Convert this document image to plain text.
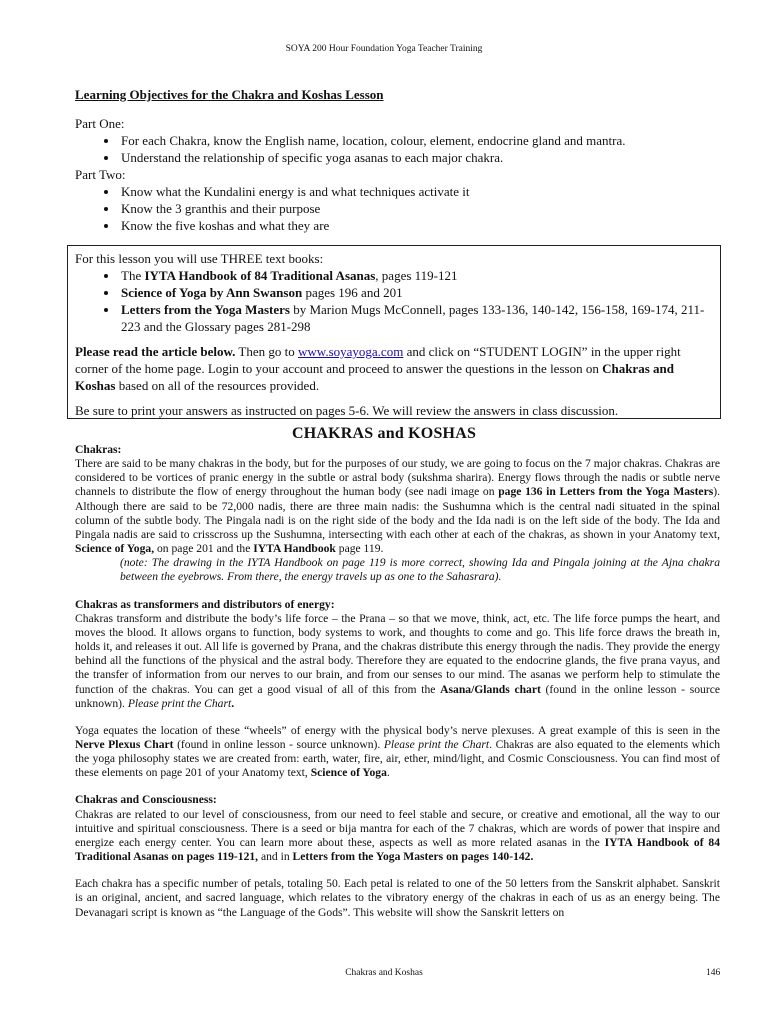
SOYA 200 Hour Foundation Yoga Teacher Training
Learning Objectives for the Chakra and Koshas Lesson
Part One:
• For each Chakra, know the English name, location, colour, element, endocrine gland and mantra.
• Understand the relationship of specific yoga asanas to each major chakra.
Part Two:
• Know what the Kundalini energy is and what techniques activate it
• Know the 3 granthis and their purpose
• Know the five koshas and what they are

For this lesson you will use THREE text books:

• The IYTA Handbook of 84 Traditional Asanas, pages 119-121
• Science of Yoga by Ann Swanson pages 196 and 201
• Letters from the Yoga Masters by Marion Mugs McConnell, pages 133-136, 140-142, 156-158, 169-174, 211-223 and the Glossary pages 281-298

Please read the article below. Then go to www.soyayoga.com and click on “STUDENT LOGIN” in the upper right corner of the home page. Login to your account and proceed to answer the questions in the lesson on Chakras and Koshas based on all of the resources provided.

Be sure to print your answers as instructed on pages 5-6. We will review the answers in class discussion.

CHAKRAS and KOSHAS

Chakras:

There are said to be many chakras in the body, but for the purposes of our study, we are going to focus on the 7 major chakras. Chakras are considered to be vortices of pranic energy in the subtle or astral body (sukshma sharira). Energy flows through the nadis or subtle nerve channels to distribute the flow of energy throughout the human body (see nadi image on page 136 in Letters from the Yoga Masters). Although there are said to be 72,000 nadis, there are three main nadis: the Sushumna which is the central nadi situated in the spinal column of the subtle body. The Pingala nadi is on the right side of the body and the Ida nadi is on the left side of the body. The Ida and Pingala nadis are said to crisscross up the Sushumna, intersecting with each other at each of the chakras, as shown in your Anatomy text, Science of Yoga, on page 201 and the IYTA Handbook page 119.

(note: The drawing in the IYTA Handbook on page 119 is more correct, showing Ida and Pingala joining at the Ajna chakra between the eyebrows. From there, the energy travels up as one to the Sahasrara).

Chakras as transformers and distributors of energy:

Chakras transform and distribute the body’s life force – the Prana – so that we move, think, act, etc. The life force pumps the heart, and moves the blood. It allows organs to function, body systems to work, and thoughts to come and go. This life force draws the breath in, holds it, and releases it out. All life is governed by Prana, and the chakras distribute this energy through the nadis. They provide the energy behind all the functions of the physical and the astral body. Therefore they are equated to the endocrine glands, the five prana vayus, and the transfer of information from our nerves to our brain, and from our senses to our mind. The asanas we perform help to stimulate the function of the chakras. You can get a good visual of all of this from the Asana/Glands chart (found in the online lesson - source unknown). Please print the Chart.

Yoga equates the location of these “wheels” of energy with the physical body’s nerve plexuses. A great example of this is seen in the Nerve Plexus Chart (found in online lesson - source unknown). Please print the Chart. Chakras are also equated to the elements which the yoga philosophy states we are created from: earth, water, fire, air, ether, mind/light, and Cosmic Consciousness. You can find most of these elements on page 201 of your Anatomy text, Science of Yoga.

Chakras and Consciousness:

Chakras are related to our level of consciousness, from our need to feel stable and secure, or creative and emotional, all the way to our intuitive and spiritual consciousness. There is a seed or bija mantra for each of the 7 chakras, which are words of power that inspire and energize each energy center. You can learn more about these, aspects as well as more related asanas in the IYTA Handbook of 84 Traditional Asanas on pages 119-121, and in Letters from the Yoga Masters on pages 140-142.

Each chakra has a specific number of petals, totaling 50. Each petal is related to one of the 50 letters from the Sanskrit alphabet. Sanskrit is an original, ancient, and sacred language, which relates to the vibratory energy of the chakras in each of us as an energy being. The Devanagari script is known as “the Language of the Gods”. This website will show the Sanskrit letters on

Chakras and Koshas	146
